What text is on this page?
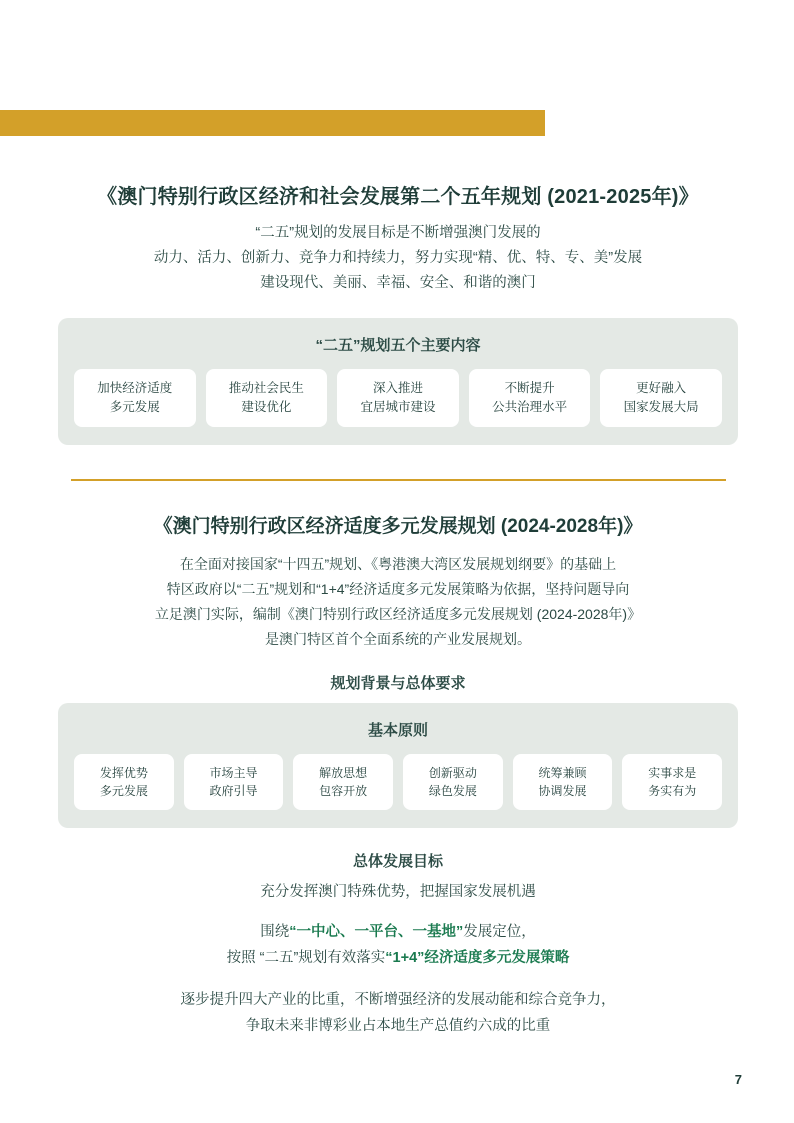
《澳门特别行政区经济和社会发展第二个五年规划 (2021-2025年)》
“二五”规划的发展目标是不断增强澳门发展的
动力、活力、创新力、竞争力和持续力，努力实现“精、优、特、专、美”发展
建设现代、美丽、幸福、安全、和谐的澳门
“二五”规划五个主要内容
加快经济适度
多元发展
推动社会民生
建设优化
深入推进
宜居城市建设
不断提升
公共治理水平
更好融入
国家发展大局
《澳门特别行政区经济适度多元发展规划 (2024-2028年)》
在全面对接国家“十四五”规划、《粤港澳大湾区发展规划纲要》的基础上
特区政府以“二五”规划和“1+4”经济适度多元发展策略为依据，坚持问题导向
立足澳门实际，编制《澳门特别行政区经济适度多元发展规划 (2024-2028年)》
是澳门特区首个全面系统的产业发展规划。
规划背景与总体要求
基本原则
发挥优势
多元发展
市场主导
政府引导
解放思想
包容开放
创新驱动
绿色发展
统筹兼顾
协调发展
实事求是
务实有为
总体发展目标

充分发挥澳门特殊优势，把握国家发展机遇

围绕“一中心、一平台、一基地”发展定位，

按照 “二五”规划有效落实“1+4”经济适度多元发展策略

逐步提升四大产业的比重，不断增强经济的发展动能和综合竞争力，

争取未来非博彩业占本地生产总值约六成的比重

7
